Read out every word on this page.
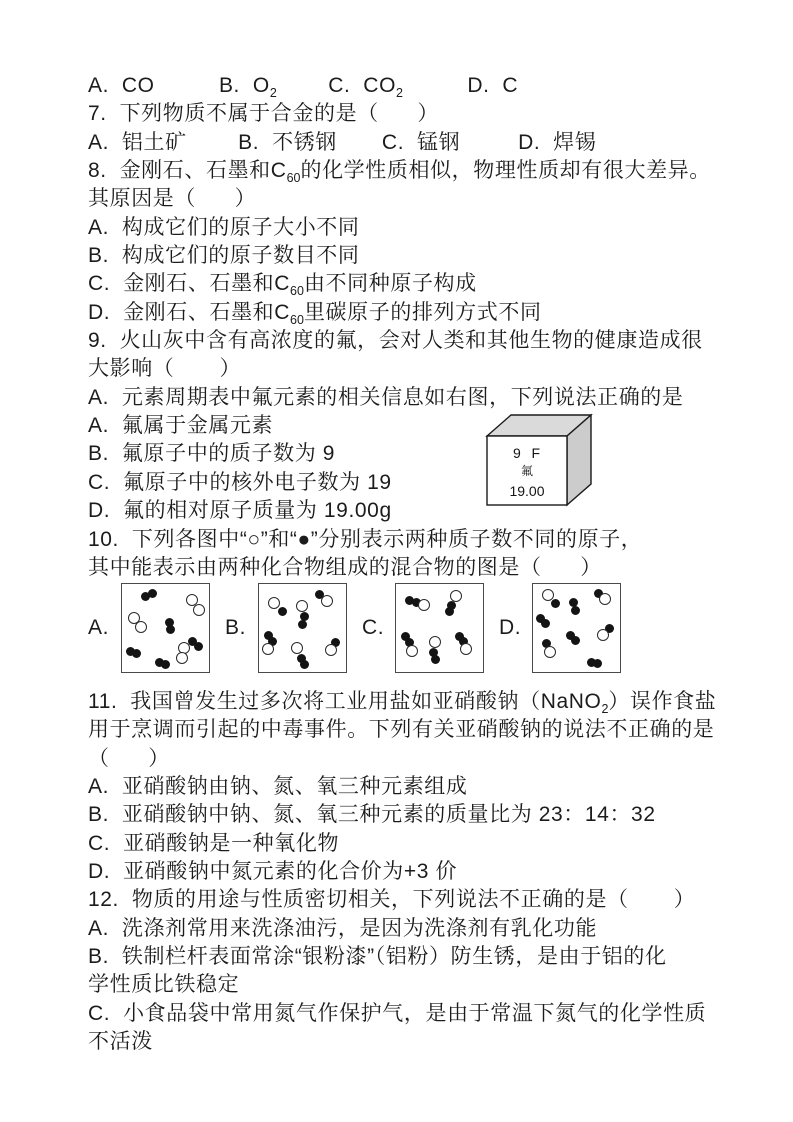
A.  CO          B.  $O_2$        C.  $CO_2$          D.  C
7.  下列物质不属于合金的是（      ）
A.  铝土矿        B.  不锈钢       C.  锰钢         D.  焊锡
8.  金刚石、石墨和$C_{60}$的化学性质相似，物理性质却有很大差异。
其原因是（      ）
A.  构成它们的原子大小不同
B.  构成它们的原子数目不同
C.  金刚石、石墨和$C_{60}$由不同种原子构成
D.  金刚石、石墨和$C_{60}$里碳原子的排列方式不同
9.  火山灰中含有高浓度的氟，会对人类和其他生物的健康造成很
大影响（       ）
A.  元素周期表中氟元素的相关信息如右图，下列说法正确的是
A.  氟属于金属元素
B.  氟原子中的质子数为 9
C.  氟原子中的核外电子数为 19
D.  氟的相对原子质量为 19.00g
10.  下列各图中“○”和“●”分别表示两种质子数不同的原子，
其中能表示由两种化合物组成的混合物的图是（      ）
A.	B.	C.	D.
9  F
氟
19.00
11.  我国曾发生过多次将工业用盐如亚硝酸钠（NaNO$_2$）误作食盐
用于烹调而引起的中毒事件。下列有关亚硝酸钠的说法不正确的是
（      ）
A.  亚硝酸钠由钠、氮、氧三种元素组成
B.  亚硝酸钠中钠、氮、氧三种元素的质量比为 23：14：32
C.  亚硝酸钠是一种氧化物
D.  亚硝酸钠中氮元素的化合价为+3 价
12.  物质的用途与性质密切相关，下列说法不正确的是（       ）
A.  洗涤剂常用来洗涤油污，是因为洗涤剂有乳化功能
B.  铁制栏杆表面常涂“银粉漆”（铝粉）防生锈，是由于铝的化
学性质比铁稳定
C.  小食品袋中常用氮气作保护气，是由于常温下氮气的化学性质
不活泼
